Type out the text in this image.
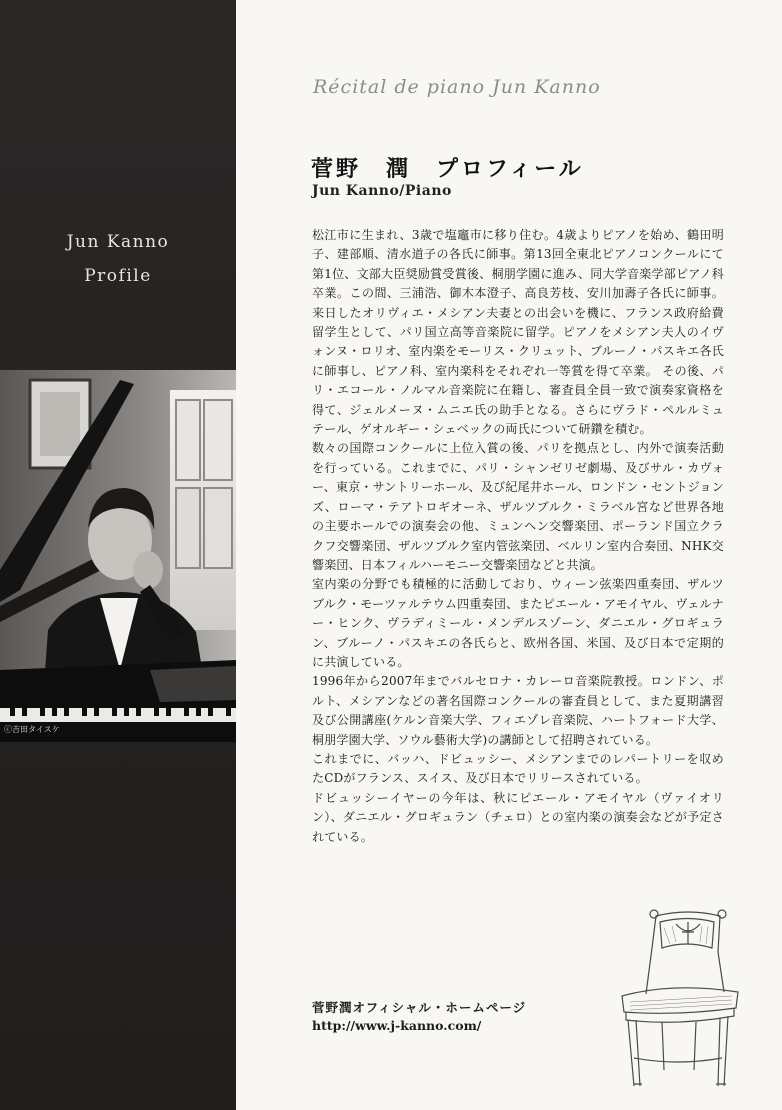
Jun Kanno
Profile
ⓒ吉田タイスケ
Récital de piano Jun Kanno
菅野　潤　プロフィール
Jun Kanno/Piano

松江市に生まれ、3歳で塩竈市に移り住む。4歳よりピアノを始め、鶴田明子、建部順、清水道子の各氏に師事。第13回全東北ピアノコンクールにて第1位、文部大臣奨励賞受賞後、桐朋学園に進み、同大学音楽学部ピアノ科卒業。この間、三浦浩、御木本澄子、高良芳枝、安川加壽子各氏に師事。来日したオリヴィエ・メシアン夫妻との出会いを機に、フランス政府給費留学生として、パリ国立高等音楽院に留学。ピアノをメシアン夫人のイヴォンヌ・ロリオ、室内楽をモーリス・クリュット、ブルーノ・パスキエ各氏に師事し、ピアノ科、室内楽科をそれぞれ一等賞を得て卒業。 その後、パリ・エコール・ノルマル音楽院に在籍し、審査員全員一致で演奏家資格を得て、ジェルメーヌ・ムニエ氏の助手となる。さらにヴラド・ペルルミュテール、ゲオルギー・シェベックの両氏について研鑽を積む。

数々の国際コンクールに上位入賞の後、パリを拠点とし、内外で演奏活動を行っている。これまでに、パリ・シャンゼリゼ劇場、及びサル・カヴォー、東京・サントリーホール、及び紀尾井ホール、ロンドン・セントジョンズ、ローマ・テアトロギオーネ、ザルツブルク・ミラベル宮など世界各地の主要ホールでの演奏会の他、ミュンヘン交響楽団、ポーランド国立クラクフ交響楽団、ザルツブルク室内管弦楽団、ベルリン室内合奏団、NHK交響楽団、日本フィルハーモニー交響楽団などと共演。

室内楽の分野でも積極的に活動しており、ウィーン弦楽四重奏団、ザルツブルク・モーツァルテウム四重奏団、またピエール・アモイヤル、ヴェルナー・ヒンク、ヴラディミール・メンデルスゾーン、ダニエル・グロギュラン、ブルーノ・パスキエの各氏らと、欧州各国、米国、及び日本で定期的に共演している。

1996年から2007年までバルセロナ・カレーロ音楽院教授。ロンドン、ポルト、メシアンなどの著名国際コンクールの審査員として、また夏期講習及び公開講座(ケルン音楽大学、フィエゾレ音楽院、ハートフォード大学、桐朋学園大学、ソウル藝術大学)の講師として招聘されている。

これまでに、バッハ、ドビュッシー、メシアンまでのレパートリーを収めたCDがフランス、スイス、及び日本でリリースされている。

ドビュッシーイヤーの今年は、秋にピエール・アモイヤル（ヴァイオリン）、ダニエル・グロギュラン（チェロ）との室内楽の演奏会などが予定されている。

菅野潤オフィシャル・ホームページ
http://www.j-kanno.com/
